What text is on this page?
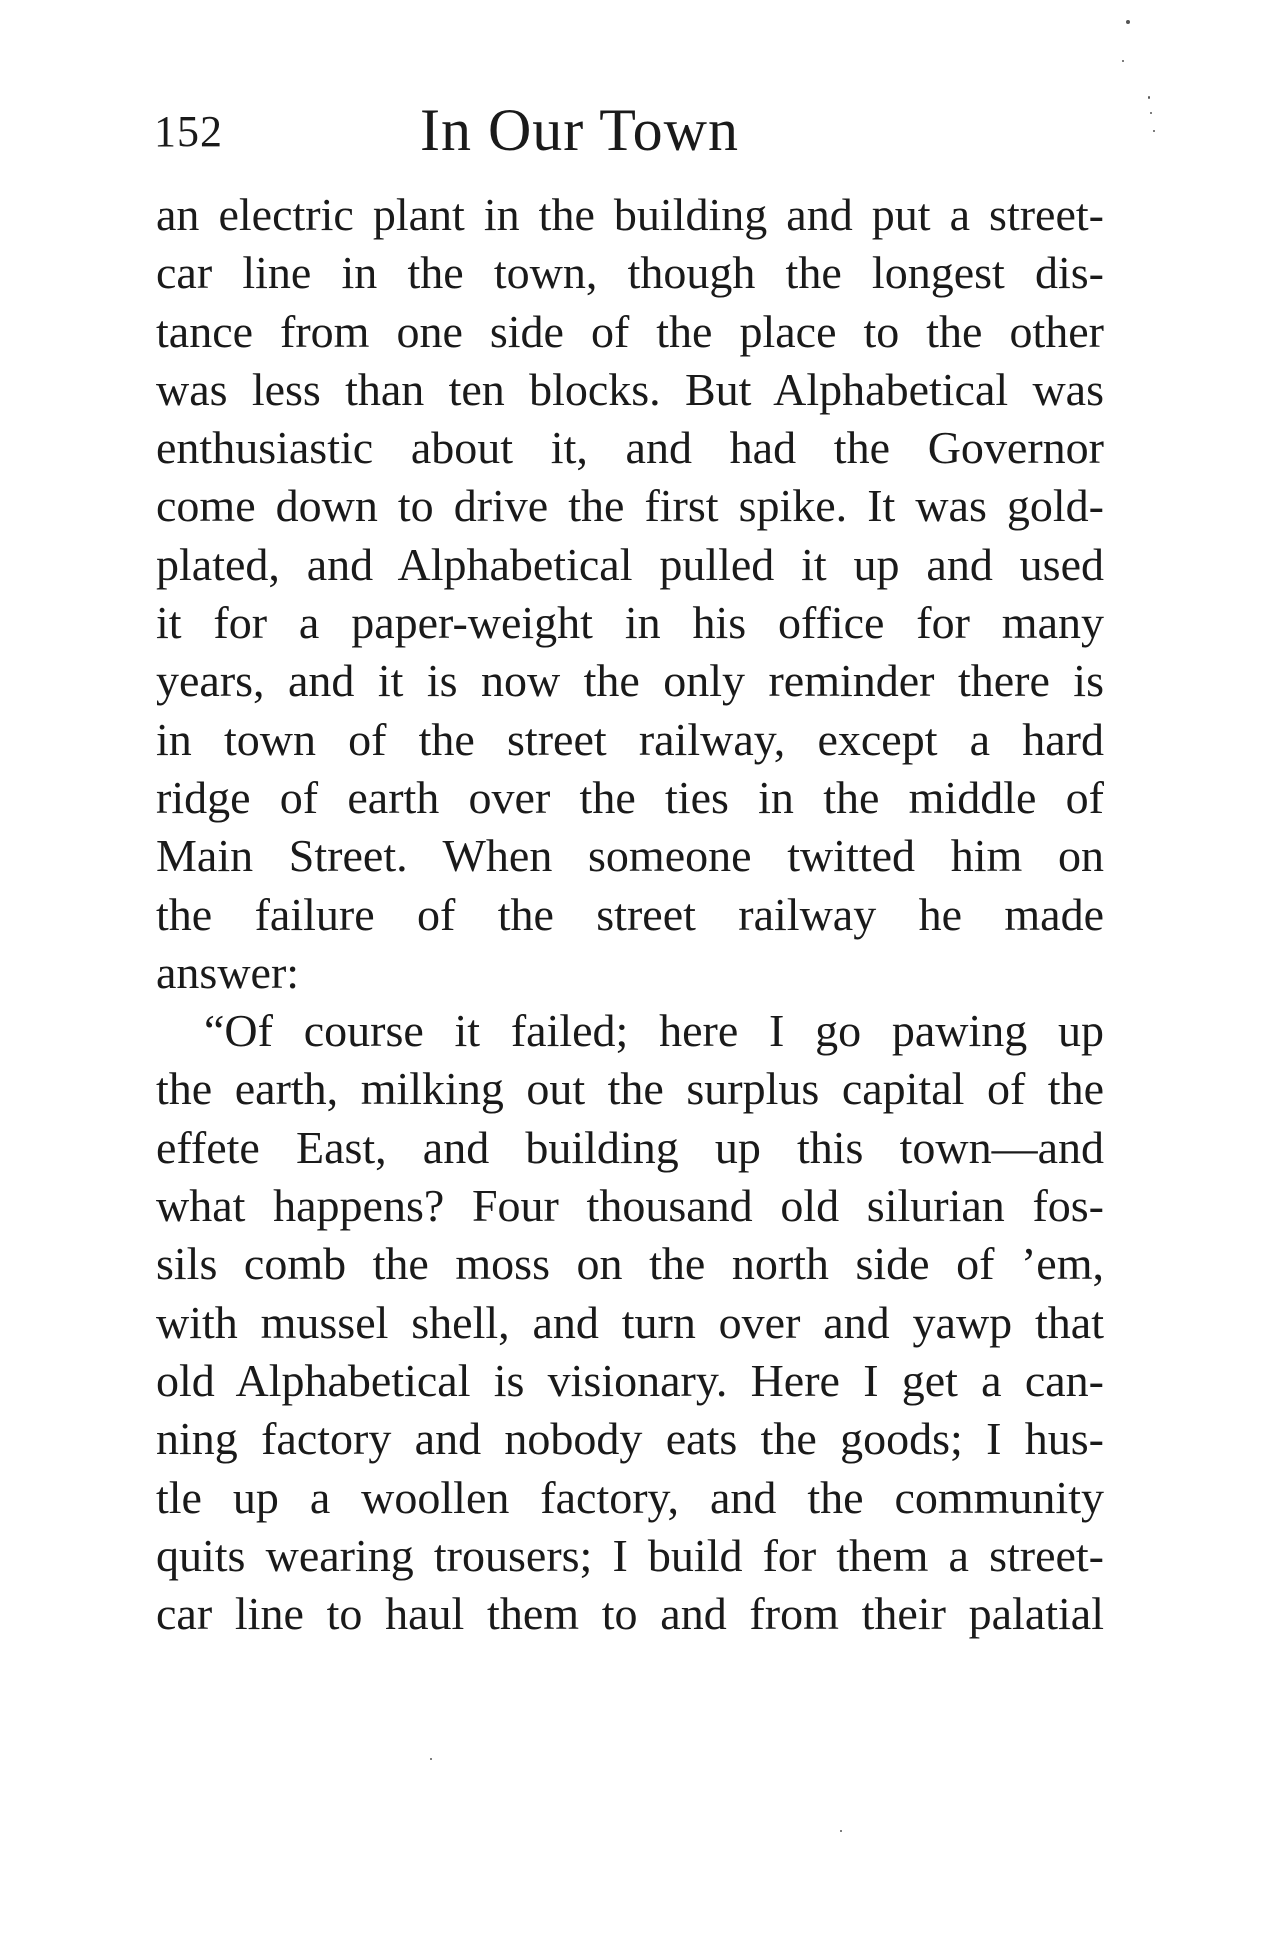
152	In Our Town
an electric plant in the building and put a street-
car line in the town, though the longest dis-
tance from one side of the place to the other
was less than ten blocks. But Alphabetical was
enthusiastic about it, and had the Governor
come down to drive the first spike. It was gold-
plated, and Alphabetical pulled it up and used
it for a paper-weight in his office for many
years, and it is now the only reminder there is
in town of the street railway, except a hard
ridge of earth over the ties in the middle of
Main Street. When someone twitted him on
the failure of the street railway he made
answer:
“Of course it failed; here I go pawing up
the earth, milking out the surplus capital of the
effete East, and building up this town—and
what happens? Four thousand old silurian fos-
sils comb the moss on the north side of ’em,
with mussel shell, and turn over and yawp that
old Alphabetical is visionary. Here I get a can-
ning factory and nobody eats the goods; I hus-
tle up a woollen factory, and the community
quits wearing trousers; I build for them a street-
car line to haul them to and from their palatial
